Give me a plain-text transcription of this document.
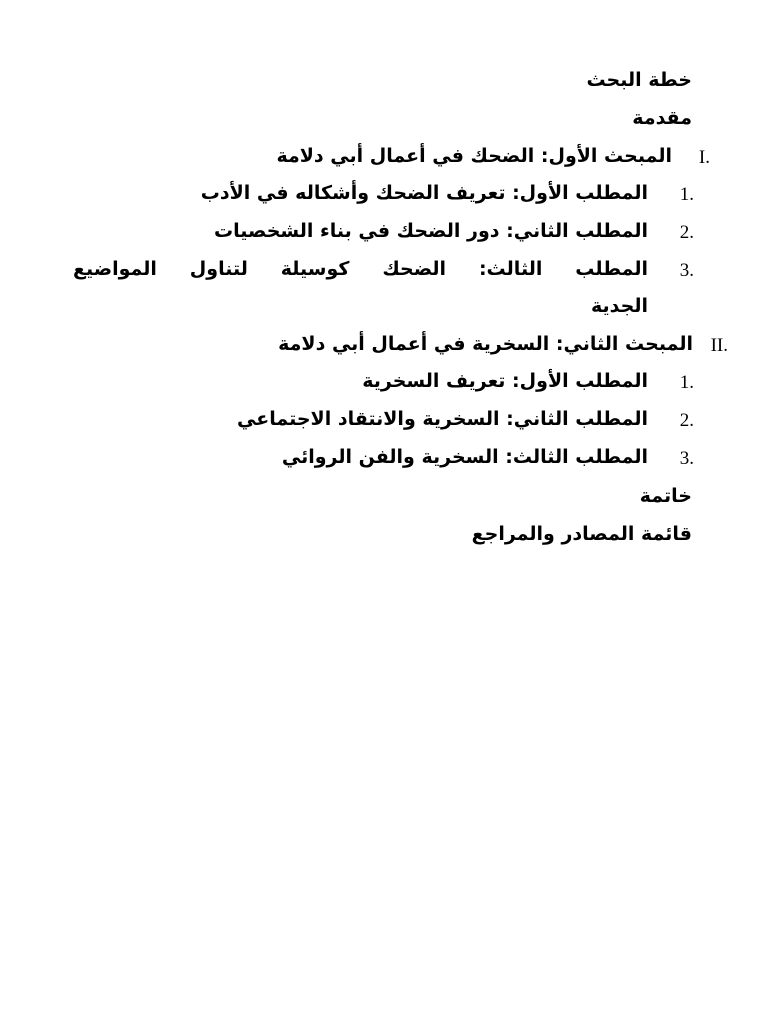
خطة البحث
مقدمة
I.
المبحث الأول: الضحك في أعمال أبي دلامة
1.
المطلب الأول: تعريف الضحك وأشكاله في الأدب
2.
المطلب الثاني: دور الضحك في بناء الشخصيات
3.
المطلب الثالث: الضحك كوسيلة لتناول المواضيع
الجدية
II.
المبحث الثاني: السخرية في أعمال أبي دلامة
1.
المطلب الأول: تعريف السخرية
2.
المطلب الثاني: السخرية والانتقاد الاجتماعي
3.
المطلب الثالث: السخرية والفن الروائي
خاتمة
قائمة المصادر والمراجع
